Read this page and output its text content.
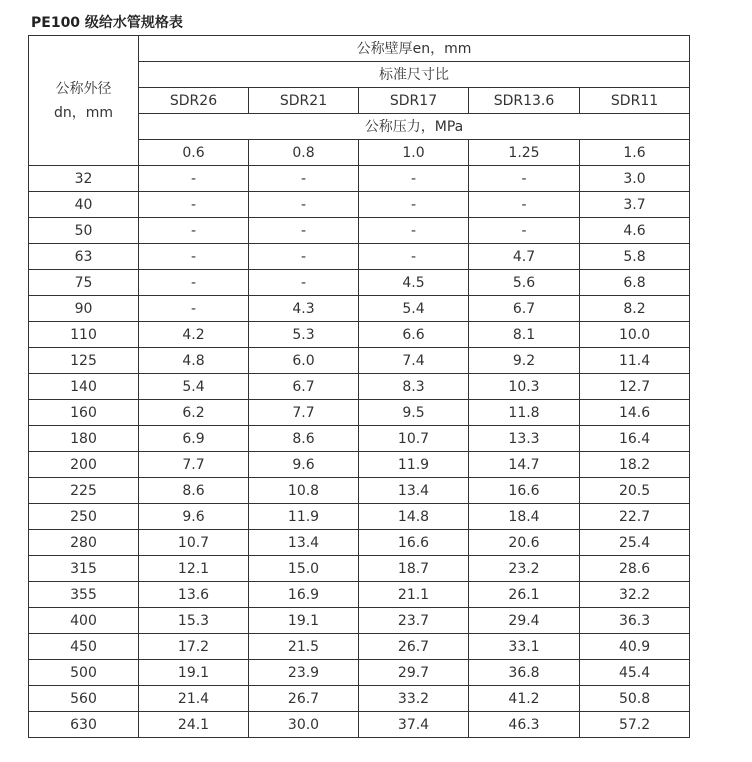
PE100 级给水管规格表
公称外径
dn，mm	公称壁厚en，mm				
	标准尺寸比				
	SDR26	SDR21	SDR17	SDR13.6	SDR11
	公称压力，MPa				
	0.6	0.8	1.0	1.25	1.6
32	-	-	-	-	3.0
40	-	-	-	-	3.7
50	-	-	-	-	4.6
63	-	-	-	4.7	5.8
75	-	-	4.5	5.6	6.8
90	-	4.3	5.4	6.7	8.2
110	4.2	5.3	6.6	8.1	10.0
125	4.8	6.0	7.4	9.2	11.4
140	5.4	6.7	8.3	10.3	12.7
160	6.2	7.7	9.5	11.8	14.6
180	6.9	8.6	10.7	13.3	16.4
200	7.7	9.6	11.9	14.7	18.2
225	8.6	10.8	13.4	16.6	20.5
250	9.6	11.9	14.8	18.4	22.7
280	10.7	13.4	16.6	20.6	25.4
315	12.1	15.0	18.7	23.2	28.6
355	13.6	16.9	21.1	26.1	32.2
400	15.3	19.1	23.7	29.4	36.3
450	17.2	21.5	26.7	33.1	40.9
500	19.1	23.9	29.7	36.8	45.4
560	21.4	26.7	33.2	41.2	50.8
630	24.1	30.0	37.4	46.3	57.2
